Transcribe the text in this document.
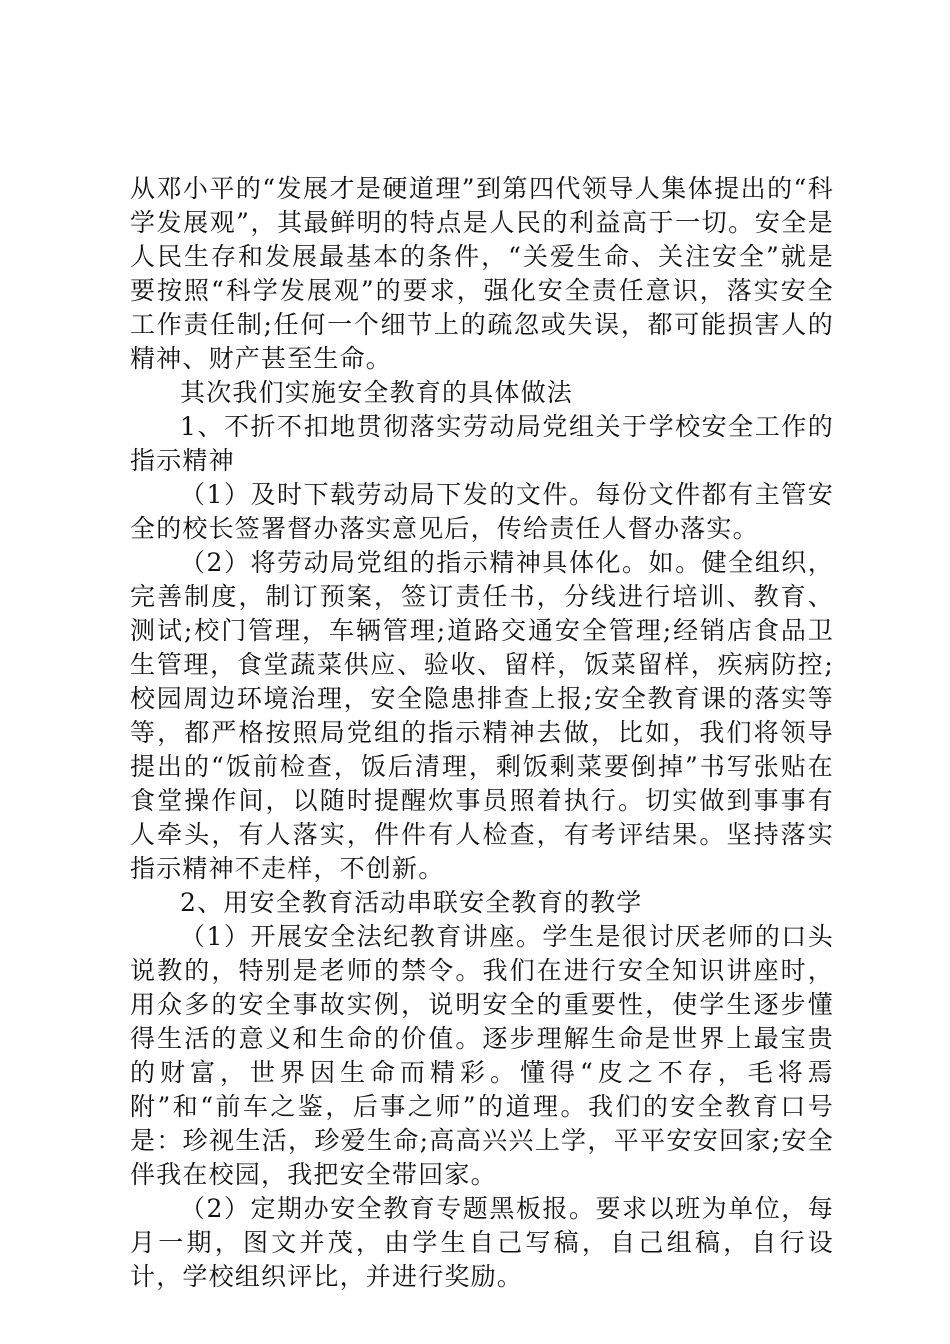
从邓小平的“发展才是硬道理”到第四代领导人集体提出的“科学发展观”，其最鲜明的特点是人民的利益高于一切。安全是人民生存和发展最基本的条件，“关爱生命、关注安全”就是要按照“科学发展观”的要求，强化安全责任意识，落实安全工作责任制;任何一个细节上的疏忽或失误，都可能损害人的精神、财产甚至生命。

其次我们实施安全教育的具体做法

1、不折不扣地贯彻落实劳动局党组关于学校安全工作的指示精神

（1）及时下载劳动局下发的文件。每份文件都有主管安全的校长签署督办落实意见后，传给责任人督办落实。

（2）将劳动局党组的指示精神具体化。如。健全组织，完善制度，制订预案，签订责任书，分线进行培训、教育、测试;校门管理，车辆管理;道路交通安全管理;经销店食品卫生管理，食堂蔬菜供应、验收、留样，饭菜留样，疾病防控;校园周边环境治理，安全隐患排查上报;安全教育课的落实等等，都严格按照局党组的指示精神去做，比如，我们将领导提出的“饭前检查，饭后清理，剩饭剩菜要倒掉”书写张贴在食堂操作间，以随时提醒炊事员照着执行。切实做到事事有人牵头，有人落实，件件有人检查，有考评结果。坚持落实指示精神不走样，不创新。

2、用安全教育活动串联安全教育的教学

（1）开展安全法纪教育讲座。学生是很讨厌老师的口头说教的，特别是老师的禁令。我们在进行安全知识讲座时，用众多的安全事故实例，说明安全的重要性，使学生逐步懂得生活的意义和生命的价值。逐步理解生命是世界上最宝贵的财富，世界因生命而精彩。懂得“皮之不存，毛将焉附”和“前车之鉴，后事之师”的道理。我们的安全教育口号是：珍视生活，珍爱生命;高高兴兴上学，平平安安回家;安全伴我在校园，我把安全带回家。

（2）定期办安全教育专题黑板报。要求以班为单位，每月一期，图文并茂，由学生自己写稿，自己组稿，自行设计，学校组织评比，并进行奖励。
